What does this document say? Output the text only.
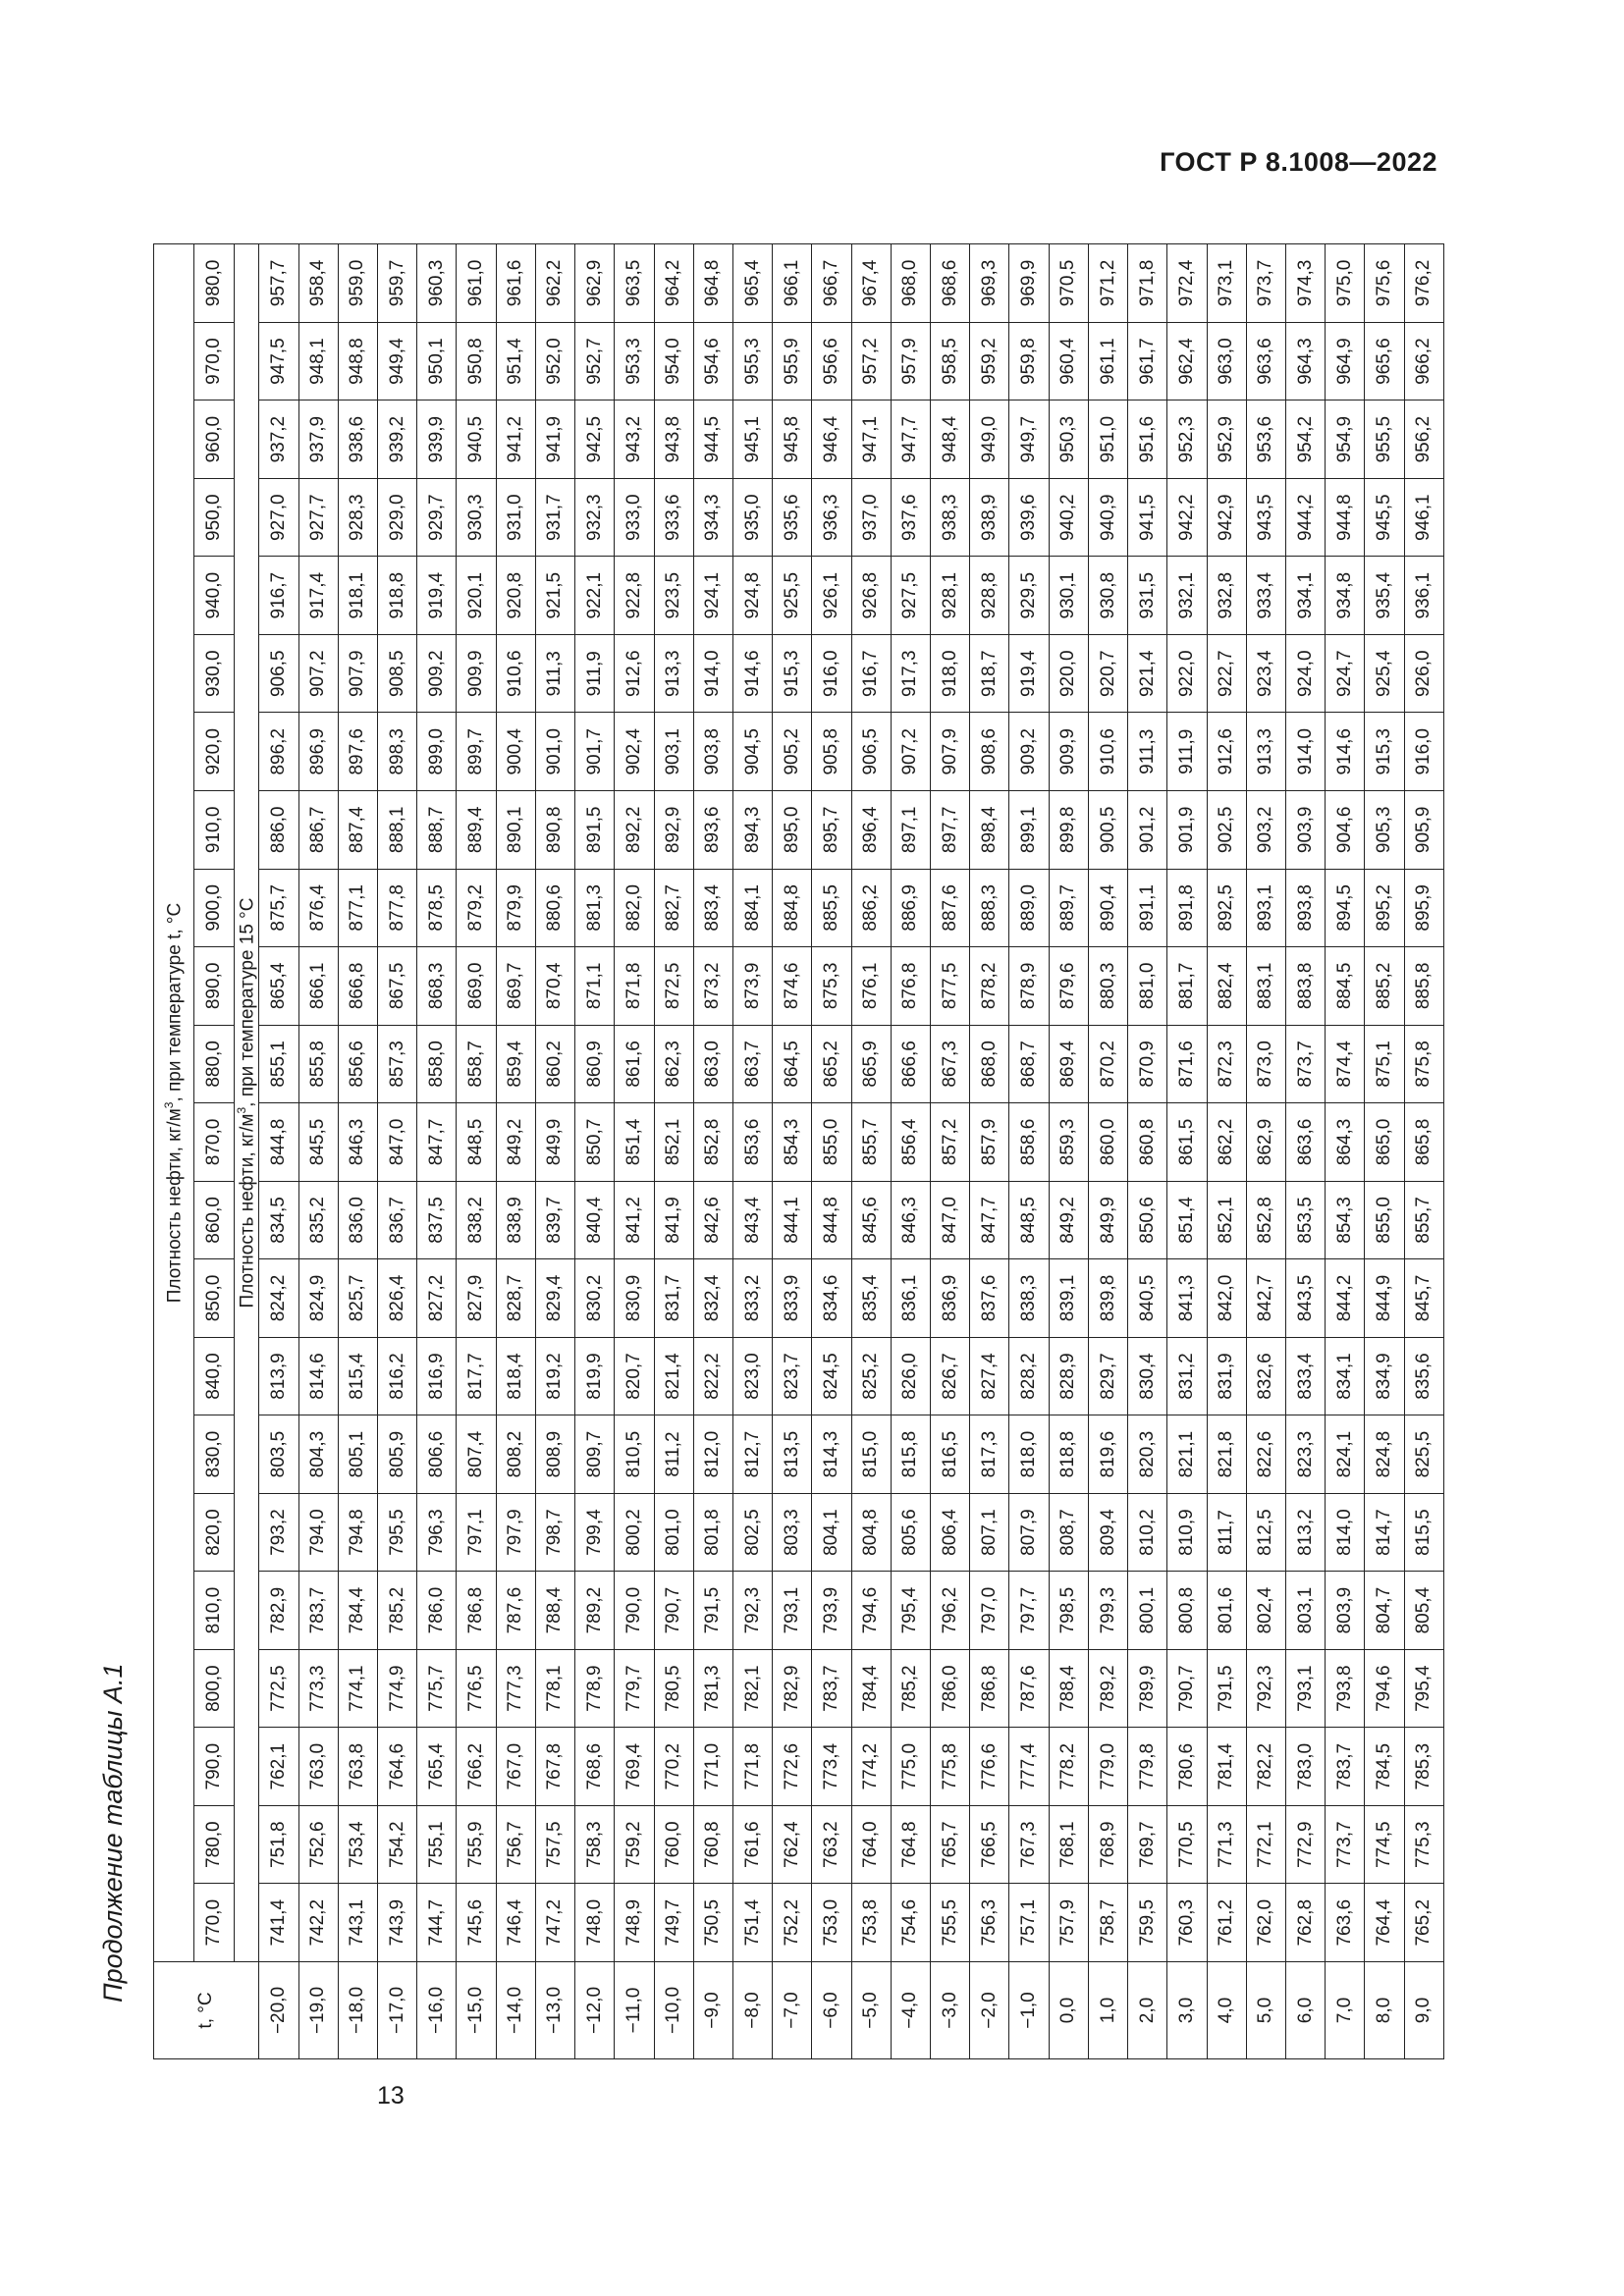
ГОСТ Р 8.1008—2022
Продолжение таблицы А.1
t, °C	Плотность нефти, $кг/м^3$, при температуре t, °C																					
	770,0	780,0	790,0	800,0	810,0	820,0	830,0	840,0	850,0	860,0	870,0	880,0	890,0	900,0	910,0	920,0	930,0	940,0	950,0	960,0	970,0	980,0
	Плотность нефти, $кг/м^3$, при температуре 15 °C																					
−20,0	741,4	751,8	762,1	772,5	782,9	793,2	803,5	813,9	824,2	834,5	844,8	855,1	865,4	875,7	886,0	896,2	906,5	916,7	927,0	937,2	947,5	957,7
−19,0	742,2	752,6	763,0	773,3	783,7	794,0	804,3	814,6	824,9	835,2	845,5	855,8	866,1	876,4	886,7	896,9	907,2	917,4	927,7	937,9	948,1	958,4
−18,0	743,1	753,4	763,8	774,1	784,4	794,8	805,1	815,4	825,7	836,0	846,3	856,6	866,8	877,1	887,4	897,6	907,9	918,1	928,3	938,6	948,8	959,0
−17,0	743,9	754,2	764,6	774,9	785,2	795,5	805,9	816,2	826,4	836,7	847,0	857,3	867,5	877,8	888,1	898,3	908,5	918,8	929,0	939,2	949,4	959,7
−16,0	744,7	755,1	765,4	775,7	786,0	796,3	806,6	816,9	827,2	837,5	847,7	858,0	868,3	878,5	888,7	899,0	909,2	919,4	929,7	939,9	950,1	960,3
−15,0	745,6	755,9	766,2	776,5	786,8	797,1	807,4	817,7	827,9	838,2	848,5	858,7	869,0	879,2	889,4	899,7	909,9	920,1	930,3	940,5	950,8	961,0
−14,0	746,4	756,7	767,0	777,3	787,6	797,9	808,2	818,4	828,7	838,9	849,2	859,4	869,7	879,9	890,1	900,4	910,6	920,8	931,0	941,2	951,4	961,6
−13,0	747,2	757,5	767,8	778,1	788,4	798,7	808,9	819,2	829,4	839,7	849,9	860,2	870,4	880,6	890,8	901,0	911,3	921,5	931,7	941,9	952,0	962,2
−12,0	748,0	758,3	768,6	778,9	789,2	799,4	809,7	819,9	830,2	840,4	850,7	860,9	871,1	881,3	891,5	901,7	911,9	922,1	932,3	942,5	952,7	962,9
−11,0	748,9	759,2	769,4	779,7	790,0	800,2	810,5	820,7	830,9	841,2	851,4	861,6	871,8	882,0	892,2	902,4	912,6	922,8	933,0	943,2	953,3	963,5
−10,0	749,7	760,0	770,2	780,5	790,7	801,0	811,2	821,4	831,7	841,9	852,1	862,3	872,5	882,7	892,9	903,1	913,3	923,5	933,6	943,8	954,0	964,2
−9,0	750,5	760,8	771,0	781,3	791,5	801,8	812,0	822,2	832,4	842,6	852,8	863,0	873,2	883,4	893,6	903,8	914,0	924,1	934,3	944,5	954,6	964,8
−8,0	751,4	761,6	771,8	782,1	792,3	802,5	812,7	823,0	833,2	843,4	853,6	863,7	873,9	884,1	894,3	904,5	914,6	924,8	935,0	945,1	955,3	965,4
−7,0	752,2	762,4	772,6	782,9	793,1	803,3	813,5	823,7	833,9	844,1	854,3	864,5	874,6	884,8	895,0	905,2	915,3	925,5	935,6	945,8	955,9	966,1
−6,0	753,0	763,2	773,4	783,7	793,9	804,1	814,3	824,5	834,6	844,8	855,0	865,2	875,3	885,5	895,7	905,8	916,0	926,1	936,3	946,4	956,6	966,7
−5,0	753,8	764,0	774,2	784,4	794,6	804,8	815,0	825,2	835,4	845,6	855,7	865,9	876,1	886,2	896,4	906,5	916,7	926,8	937,0	947,1	957,2	967,4
−4,0	754,6	764,8	775,0	785,2	795,4	805,6	815,8	826,0	836,1	846,3	856,4	866,6	876,8	886,9	897,1	907,2	917,3	927,5	937,6	947,7	957,9	968,0
−3,0	755,5	765,7	775,8	786,0	796,2	806,4	816,5	826,7	836,9	847,0	857,2	867,3	877,5	887,6	897,7	907,9	918,0	928,1	938,3	948,4	958,5	968,6
−2,0	756,3	766,5	776,6	786,8	797,0	807,1	817,3	827,4	837,6	847,7	857,9	868,0	878,2	888,3	898,4	908,6	918,7	928,8	938,9	949,0	959,2	969,3
−1,0	757,1	767,3	777,4	787,6	797,7	807,9	818,0	828,2	838,3	848,5	858,6	868,7	878,9	889,0	899,1	909,2	919,4	929,5	939,6	949,7	959,8	969,9
0,0	757,9	768,1	778,2	788,4	798,5	808,7	818,8	828,9	839,1	849,2	859,3	869,4	879,6	889,7	899,8	909,9	920,0	930,1	940,2	950,3	960,4	970,5
1,0	758,7	768,9	779,0	789,2	799,3	809,4	819,6	829,7	839,8	849,9	860,0	870,2	880,3	890,4	900,5	910,6	920,7	930,8	940,9	951,0	961,1	971,2
2,0	759,5	769,7	779,8	789,9	800,1	810,2	820,3	830,4	840,5	850,6	860,8	870,9	881,0	891,1	901,2	911,3	921,4	931,5	941,5	951,6	961,7	971,8
3,0	760,3	770,5	780,6	790,7	800,8	810,9	821,1	831,2	841,3	851,4	861,5	871,6	881,7	891,8	901,9	911,9	922,0	932,1	942,2	952,3	962,4	972,4
4,0	761,2	771,3	781,4	791,5	801,6	811,7	821,8	831,9	842,0	852,1	862,2	872,3	882,4	892,5	902,5	912,6	922,7	932,8	942,9	952,9	963,0	973,1
5,0	762,0	772,1	782,2	792,3	802,4	812,5	822,6	832,6	842,7	852,8	862,9	873,0	883,1	893,1	903,2	913,3	923,4	933,4	943,5	953,6	963,6	973,7
6,0	762,8	772,9	783,0	793,1	803,1	813,2	823,3	833,4	843,5	853,5	863,6	873,7	883,8	893,8	903,9	914,0	924,0	934,1	944,2	954,2	964,3	974,3
7,0	763,6	773,7	783,7	793,8	803,9	814,0	824,1	834,1	844,2	854,3	864,3	874,4	884,5	894,5	904,6	914,6	924,7	934,8	944,8	954,9	964,9	975,0
8,0	764,4	774,5	784,5	794,6	804,7	814,7	824,8	834,9	844,9	855,0	865,0	875,1	885,2	895,2	905,3	915,3	925,4	935,4	945,5	955,5	965,6	975,6
9,0	765,2	775,3	785,3	795,4	805,4	815,5	825,5	835,6	845,7	855,7	865,8	875,8	885,8	895,9	905,9	916,0	926,0	936,1	946,1	956,2	966,2	976,2
13
